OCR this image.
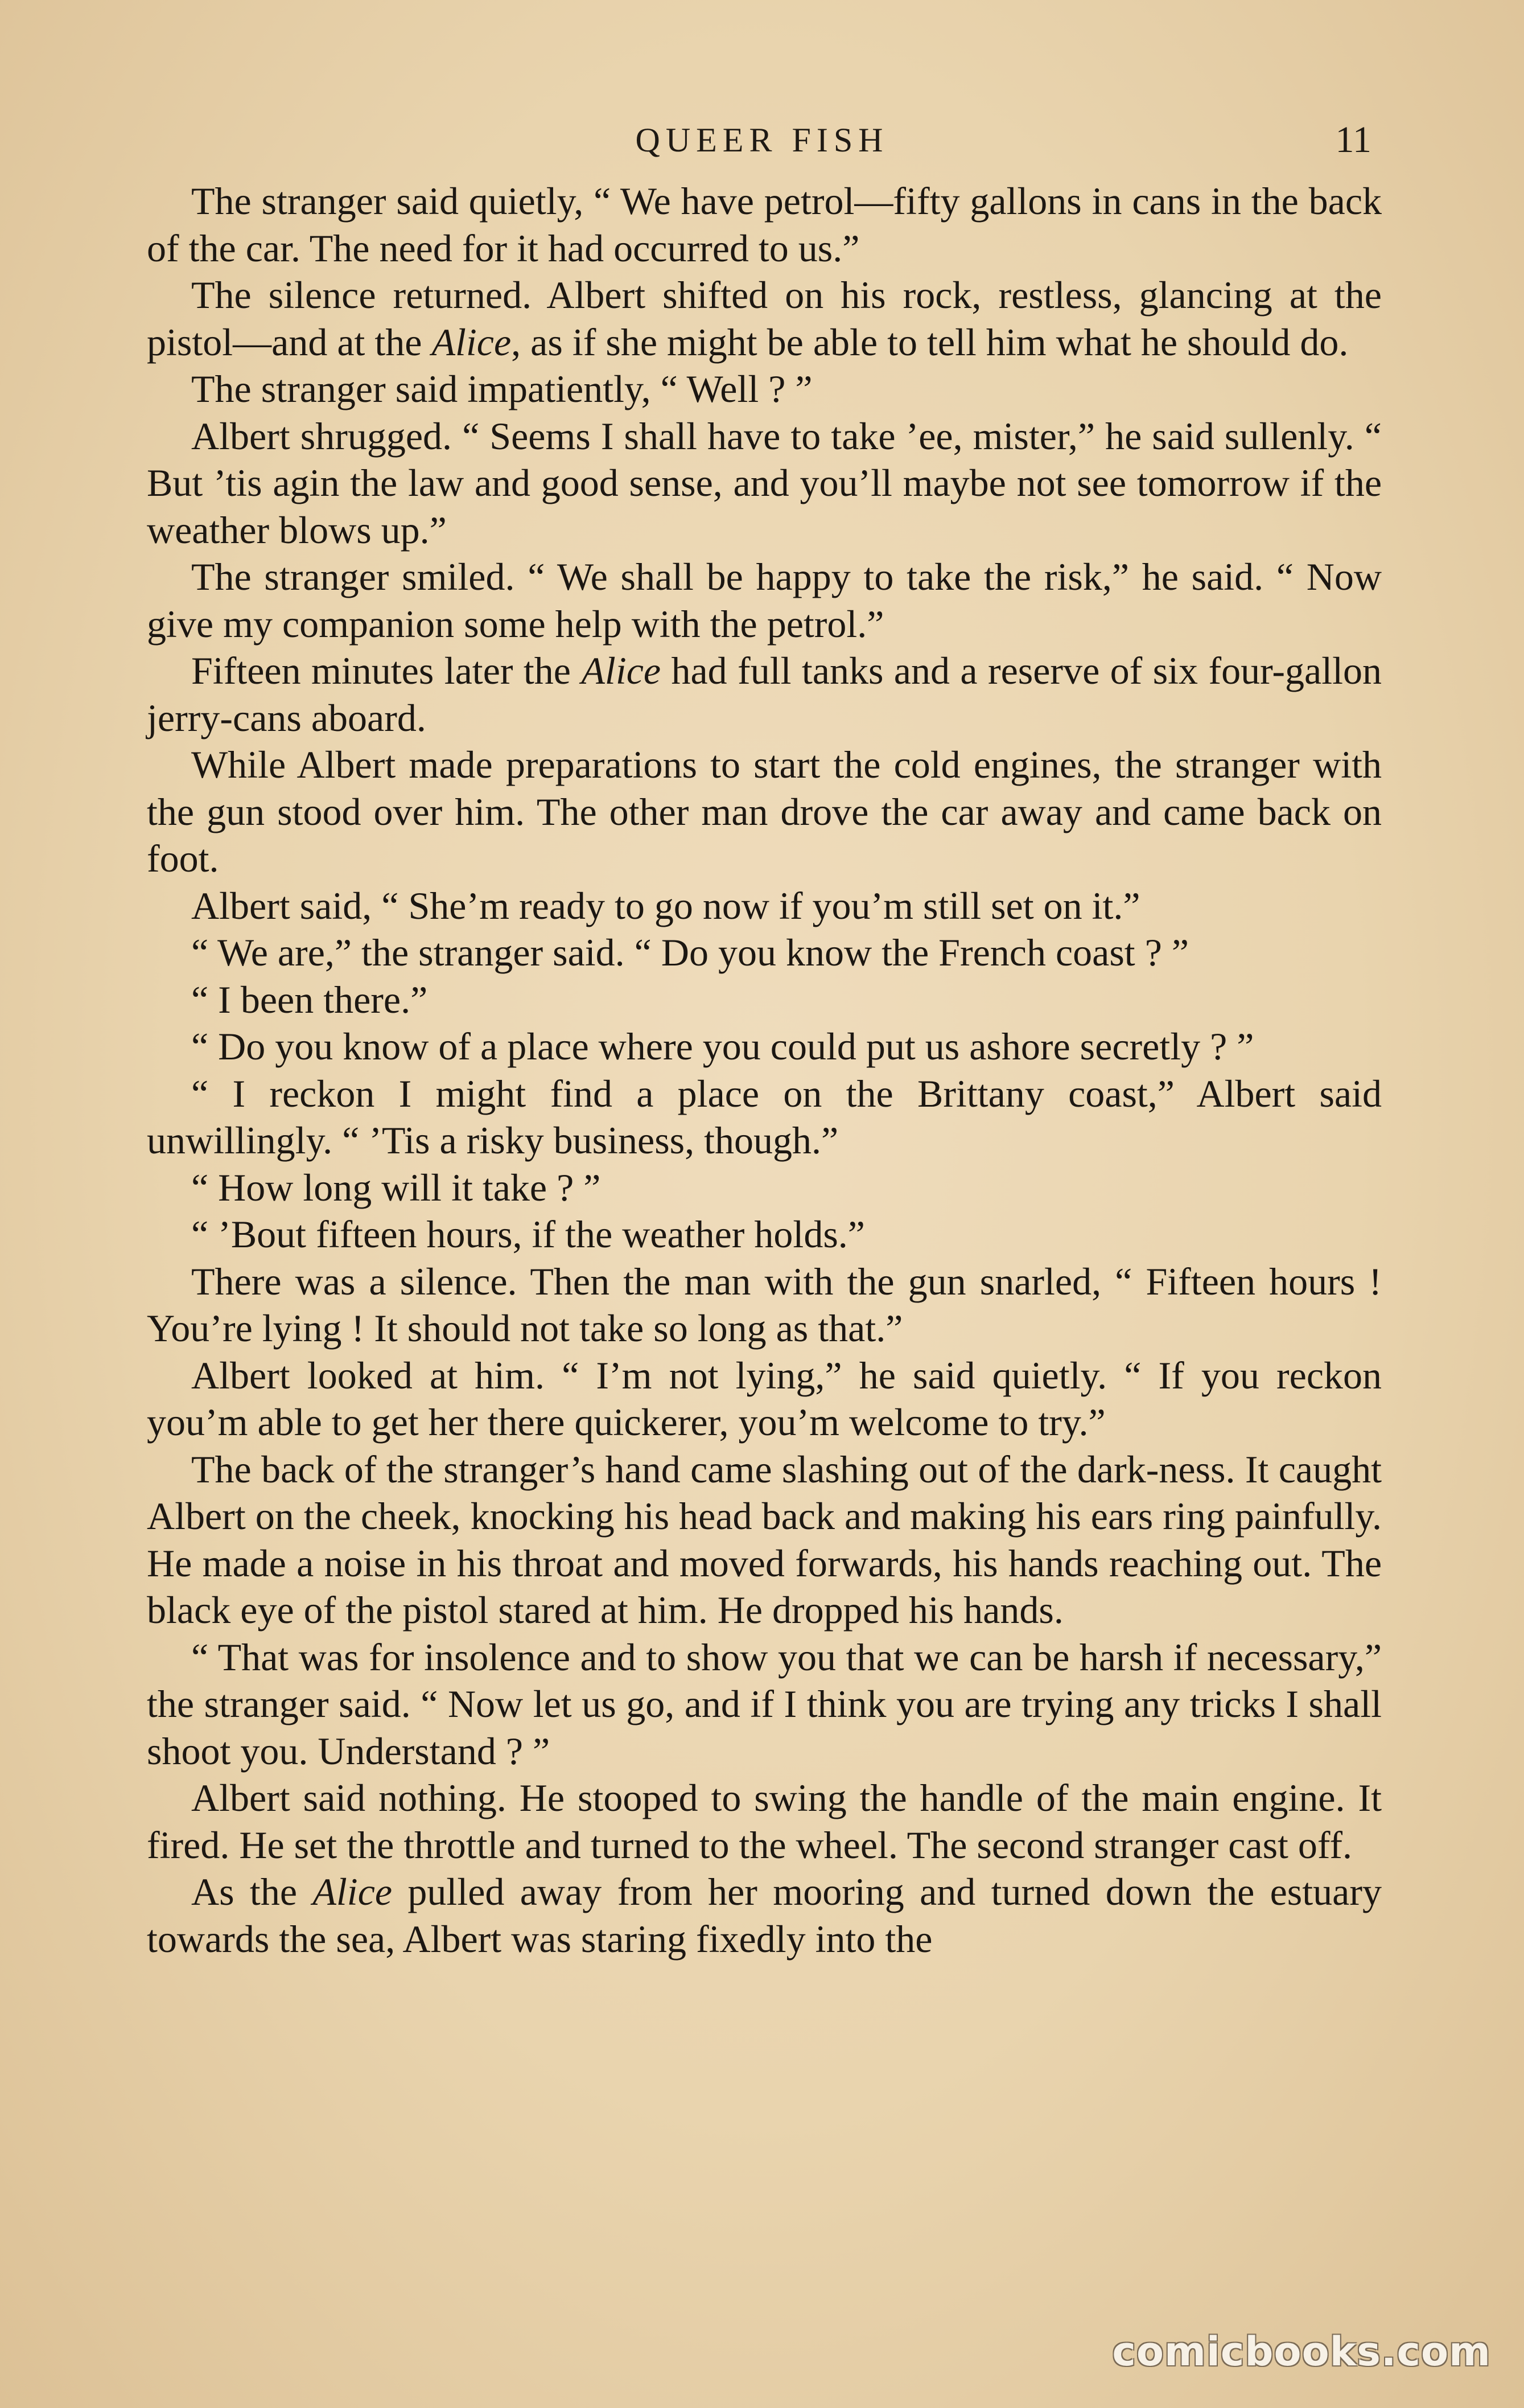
QUEER FISH	11

The stranger said quietly, “ We have petrol—fifty gallons in cans in the back of the car. The need for it had occurred to us.”

The silence returned. Albert shifted on his rock, restless, glancing at the pistol—and at the Alice, as if she might be able to tell him what he should do.

The stranger said impatiently, “ Well ? ”

Albert shrugged. “ Seems I shall have to take ’ee, mister,” he said sullenly. “ But ’tis agin the law and good sense, and you’ll maybe not see tomorrow if the weather blows up.”

The stranger smiled. “ We shall be happy to take the risk,” he said. “ Now give my companion some help with the petrol.”

Fifteen minutes later the Alice had full tanks and a reserve of six four-gallon jerry-cans aboard.

While Albert made preparations to start the cold engines, the stranger with the gun stood over him. The other man drove the car away and came back on foot.

Albert said, “ She’m ready to go now if you’m still set on it.”

“ We are,” the stranger said. “ Do you know the French coast ? ”

“ I been there.”

“ Do you know of a place where you could put us ashore secretly ? ”

“ I reckon I might find a place on the Brittany coast,” Albert said unwillingly. “ ’Tis a risky business, though.”

“ How long will it take ? ”

“ ’Bout fifteen hours, if the weather holds.”

There was a silence. Then the man with the gun snarled, “ Fifteen hours ! You’re lying ! It should not take so long as that.”

Albert looked at him. “ I’m not lying,” he said quietly. “ If you reckon you’m able to get her there quickerer, you’m welcome to try.”

The back of the stranger’s hand came slashing out of the dark-ness. It caught Albert on the cheek, knocking his head back and making his ears ring painfully. He made a noise in his throat and moved forwards, his hands reaching out. The black eye of the pistol stared at him. He dropped his hands.

“ That was for insolence and to show you that we can be harsh if necessary,” the stranger said. “ Now let us go, and if I think you are trying any tricks I shall shoot you. Understand ? ”

Albert said nothing. He stooped to swing the handle of the main engine. It fired. He set the throttle and turned to the wheel. The second stranger cast off.

As the Alice pulled away from her mooring and turned down the estuary towards the sea, Albert was staring fixedly into the

comicbooks.com
